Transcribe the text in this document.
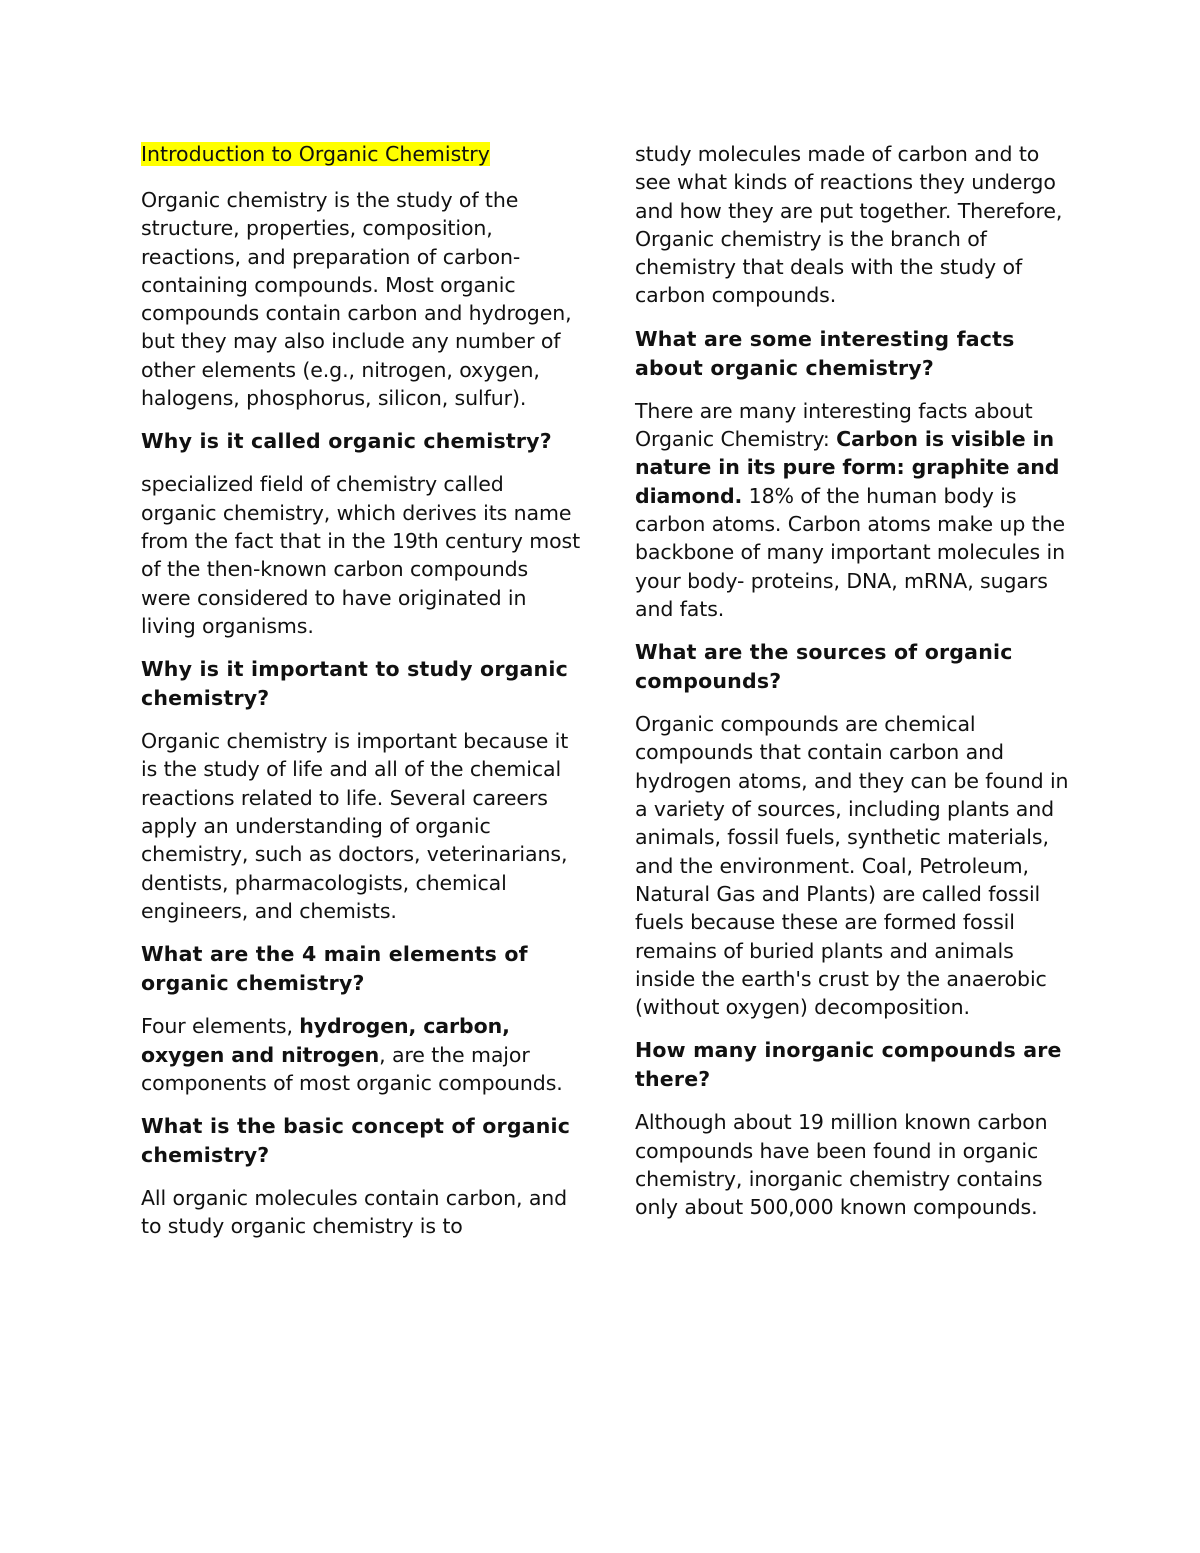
Introduction to Organic Chemistry

Organic chemistry is the study of the structure, properties, composition, reactions, and preparation of carbon-containing compounds. Most organic compounds contain carbon and hydrogen, but they may also include any number of other elements (e.g., nitrogen, oxygen, halogens, phosphorus, silicon, sulfur).

Why is it called organic chemistry?

specialized field of chemistry called organic chemistry, which derives its name from the fact that in the 19th century most of the then-known carbon compounds were considered to have originated in living organisms.

Why is it important to study organic chemistry?

Organic chemistry is important because it is the study of life and all of the chemical reactions related to life. Several careers apply an understanding of organic chemistry, such as doctors, veterinarians, dentists, pharmacologists, chemical engineers, and chemists.

What are the 4 main elements of organic chemistry?

Four elements, hydrogen, carbon, oxygen and nitrogen, are the major components of most organic compounds.

What is the basic concept of organic chemistry?

All organic molecules contain carbon, and to study organic chemistry is to

study molecules made of carbon and to see what kinds of reactions they undergo and how they are put together. Therefore, Organic chemistry is the branch of chemistry that deals with the study of carbon compounds.

What are some interesting facts about organic chemistry?

There are many interesting facts about Organic Chemistry: Carbon is visible in nature in its pure form: graphite and diamond. 18% of the human body is carbon atoms. Carbon atoms make up the backbone of many important molecules in your body- proteins, DNA, mRNA, sugars and fats.

What are the sources of organic compounds?

Organic compounds are chemical compounds that contain carbon and hydrogen atoms, and they can be found in a variety of sources, including plants and animals, fossil fuels, synthetic materials, and the environment. Coal, Petroleum, Natural Gas and Plants) are called fossil fuels because these are formed fossil remains of buried plants and animals inside the earth's crust by the anaerobic (without oxygen) decomposition.

How many inorganic compounds are there?

Although about 19 million known carbon compounds have been found in organic chemistry, inorganic chemistry contains only about 500,000 known compounds.
